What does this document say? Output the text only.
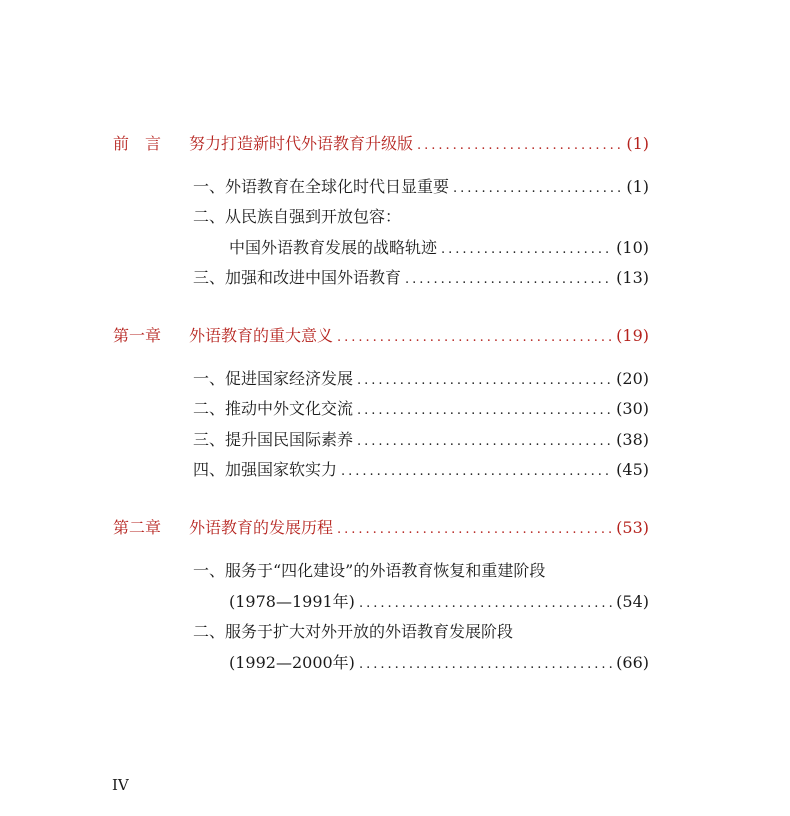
前　言	努力打造新时代外语教育升级版 .....	(1)
一、外语教育在全球化时代日显重要 .....	(1)
二、从民族自强到开放包容：
中国外语教育发展的战略轨迹 .....	(10)
三、加强和改进中国外语教育 .....	(13)
第一章	外语教育的重大意义 .....	(19)
一、促进国家经济发展 .....	(20)
二、推动中外文化交流 .....	(30)
三、提升国民国际素养 .....	(38)
四、加强国家软实力 .....	(45)
第二章	外语教育的发展历程 .....	(53)
一、服务于“四化建设”的外语教育恢复和重建阶段
(1978—1991年) .....	(54)
二、服务于扩大对外开放的外语教育发展阶段
(1992—2000年) .....	(66)
IV
